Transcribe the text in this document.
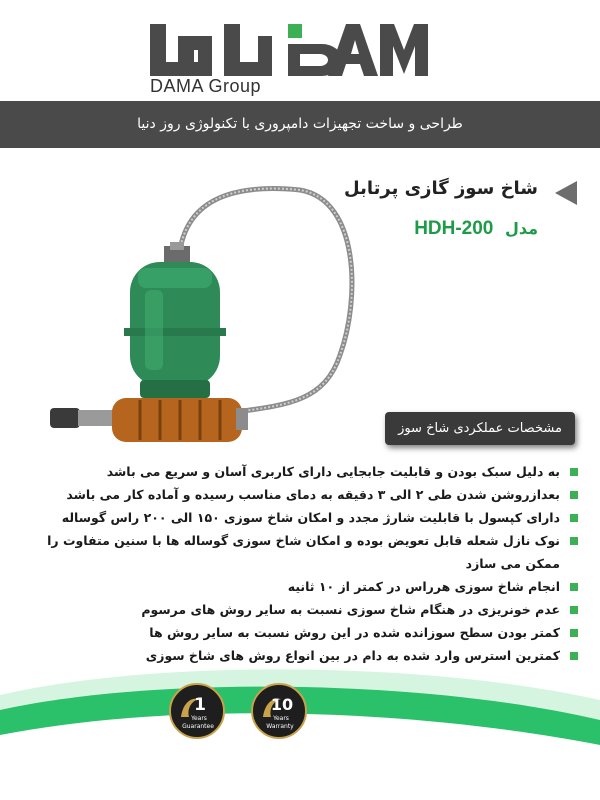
DAMA Group
طراحی و ساخت تجهیزات دامپروری با تکنولوژی روز دنیا
شاخ سوز گازی پرتابل
مدل HDH-200
مشخصات عملکردی شاخ سوز
به دلیل سبک بودن و قابلیت جابجایی دارای کاربری آسان و سریع می باشد
بعدازروشن شدن طی ۲ الی ۳ دقیقه به دمای مناسب رسیده و آماده کار می باشد
دارای کپسول با قابلیت شارژ مجدد و امکان شاخ سوزی ۱۵۰ الی ۲۰۰ راس گوساله
نوک نازل شعله قابل تعویض بوده و امکان شاخ سوزی گوساله ها با سنین متفاوت را ممکن می سازد
انجام شاخ سوزی هرراس در کمتر از ۱۰ ثانیه
عدم خونریزی در هنگام شاخ سوزی نسبت به سایر روش های مرسوم
کمتر بودن سطح سوزانده شده در این روش نسبت به سایر روش ها
کمترین استرس وارد شده به دام در بین انواع روش های شاخ سوزی
1
Years
Guarantee
10
Years
Warranty
